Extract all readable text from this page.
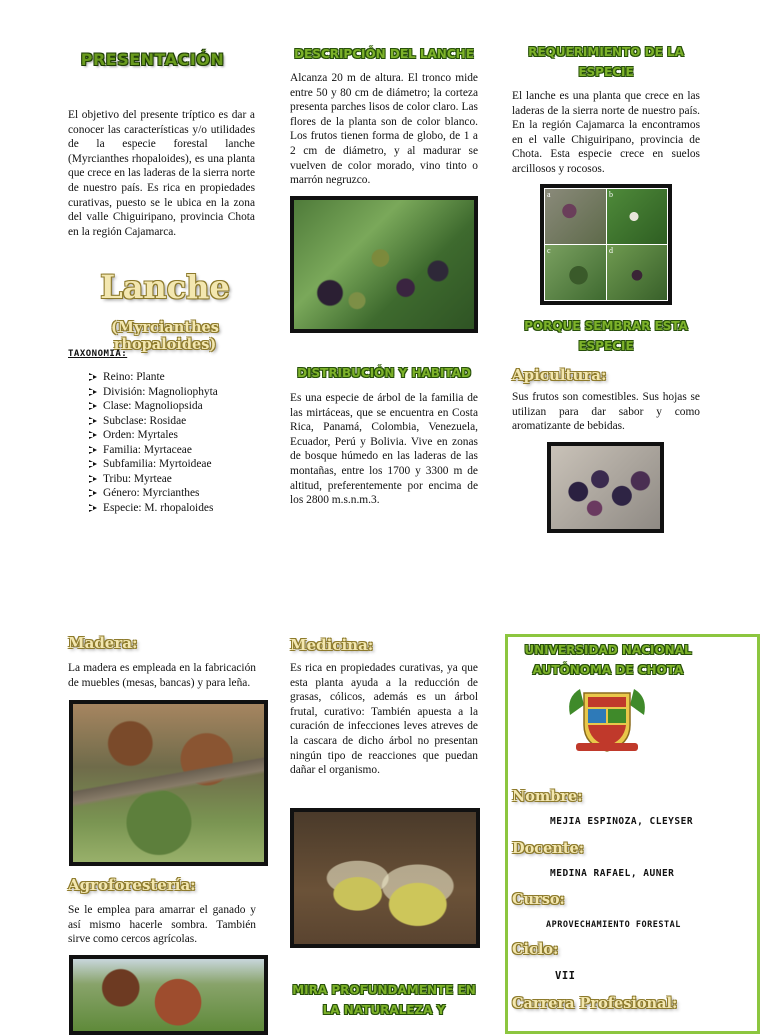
PRESENTACIÓN
El objetivo del presente tríptico es dar a conocer las características y/o utilidades de la especie forestal lanche (Myrcianthes rhopaloides), es una planta que crece en las laderas de la sierra norte de nuestro país. Es rica en propiedades curativas, puesto se le ubica en la zona del valle Chiguiripano, provincia Chota en la región Cajamarca.
Lanche
(Myrcianthes rhopaloides)
TAXONOMIA:
Reino: Plante
División: Magnoliophyta
Clase: Magnoliopsida
Subclase: Rosidae
Orden: Myrtales
Familia: Myrtaceae
Subfamilia: Myrtoideae
Tribu: Myrteae
Género: Myrcianthes
Especie: M. rhopaloides
Madera:
La madera es empleada en la fabricación de muebles (mesas, bancas) y para leña.
Agroforestería:
Se le emplea para amarrar el ganado y así mismo hacerle sombra. También sirve como cercos agrícolas.
DESCRIPCIÓN DEL LANCHE
Alcanza 20 m de altura. El tronco mide entre 50 y 80 cm de diámetro; la corteza presenta parches lisos de color claro. Las flores de la planta son de color blanco. Los frutos tienen forma de globo, de 1 a 2 cm de diámetro, y al madurar se vuelven de color morado, vino tinto o marrón negruzco.
DISTRIBUCIÓN Y HABITAD
Es una especie de árbol de la familia de las mirtáceas, que se encuentra en Costa Rica, Panamá, Colombia, Venezuela, Ecuador, Perú y Bolivia. Vive en zonas de bosque húmedo en las laderas de las montañas, entre los 1700 y 3300 m de altitud, preferentemente por encima de los 2800 m.s.n.m.3.
Medicina:
Es rica en propiedades curativas, ya que esta planta ayuda a la reducción de grasas, cólicos, además es un árbol frutal, curativo: También apuesta a la curación de infecciones leves atreves de la cascara de dicho árbol no presentan ningún tipo de reacciones que puedan dañar el organismo.
MIRA PROFUNDAMENTE EN
LA NATURALEZA Y
REQUERIMIENTO DE LA
ESPECIE
El lanche es una planta que crece en las laderas de la sierra norte de nuestro país. En la región Cajamarca la encontramos en el valle Chiguiripano, provincia de Chota. Esta especie crece en suelos arcillosos y rocosos.
a	b
c	d
PORQUE SEMBRAR ESTA
ESPECIE
Apicultura:
Sus frutos son comestibles. Sus hojas se utilizan para dar sabor y como aromatizante de bebidas.
UNIVERSIDAD NACIONAL
AUTÓNOMA DE CHOTA
Nombre:
MEJIA ESPINOZA, CLEYSER
Docente:
MEDINA RAFAEL, AUNER
Curso:
APROVECHAMIENTO FORESTAL
Ciclo:
VII
Carrera Profesional:
